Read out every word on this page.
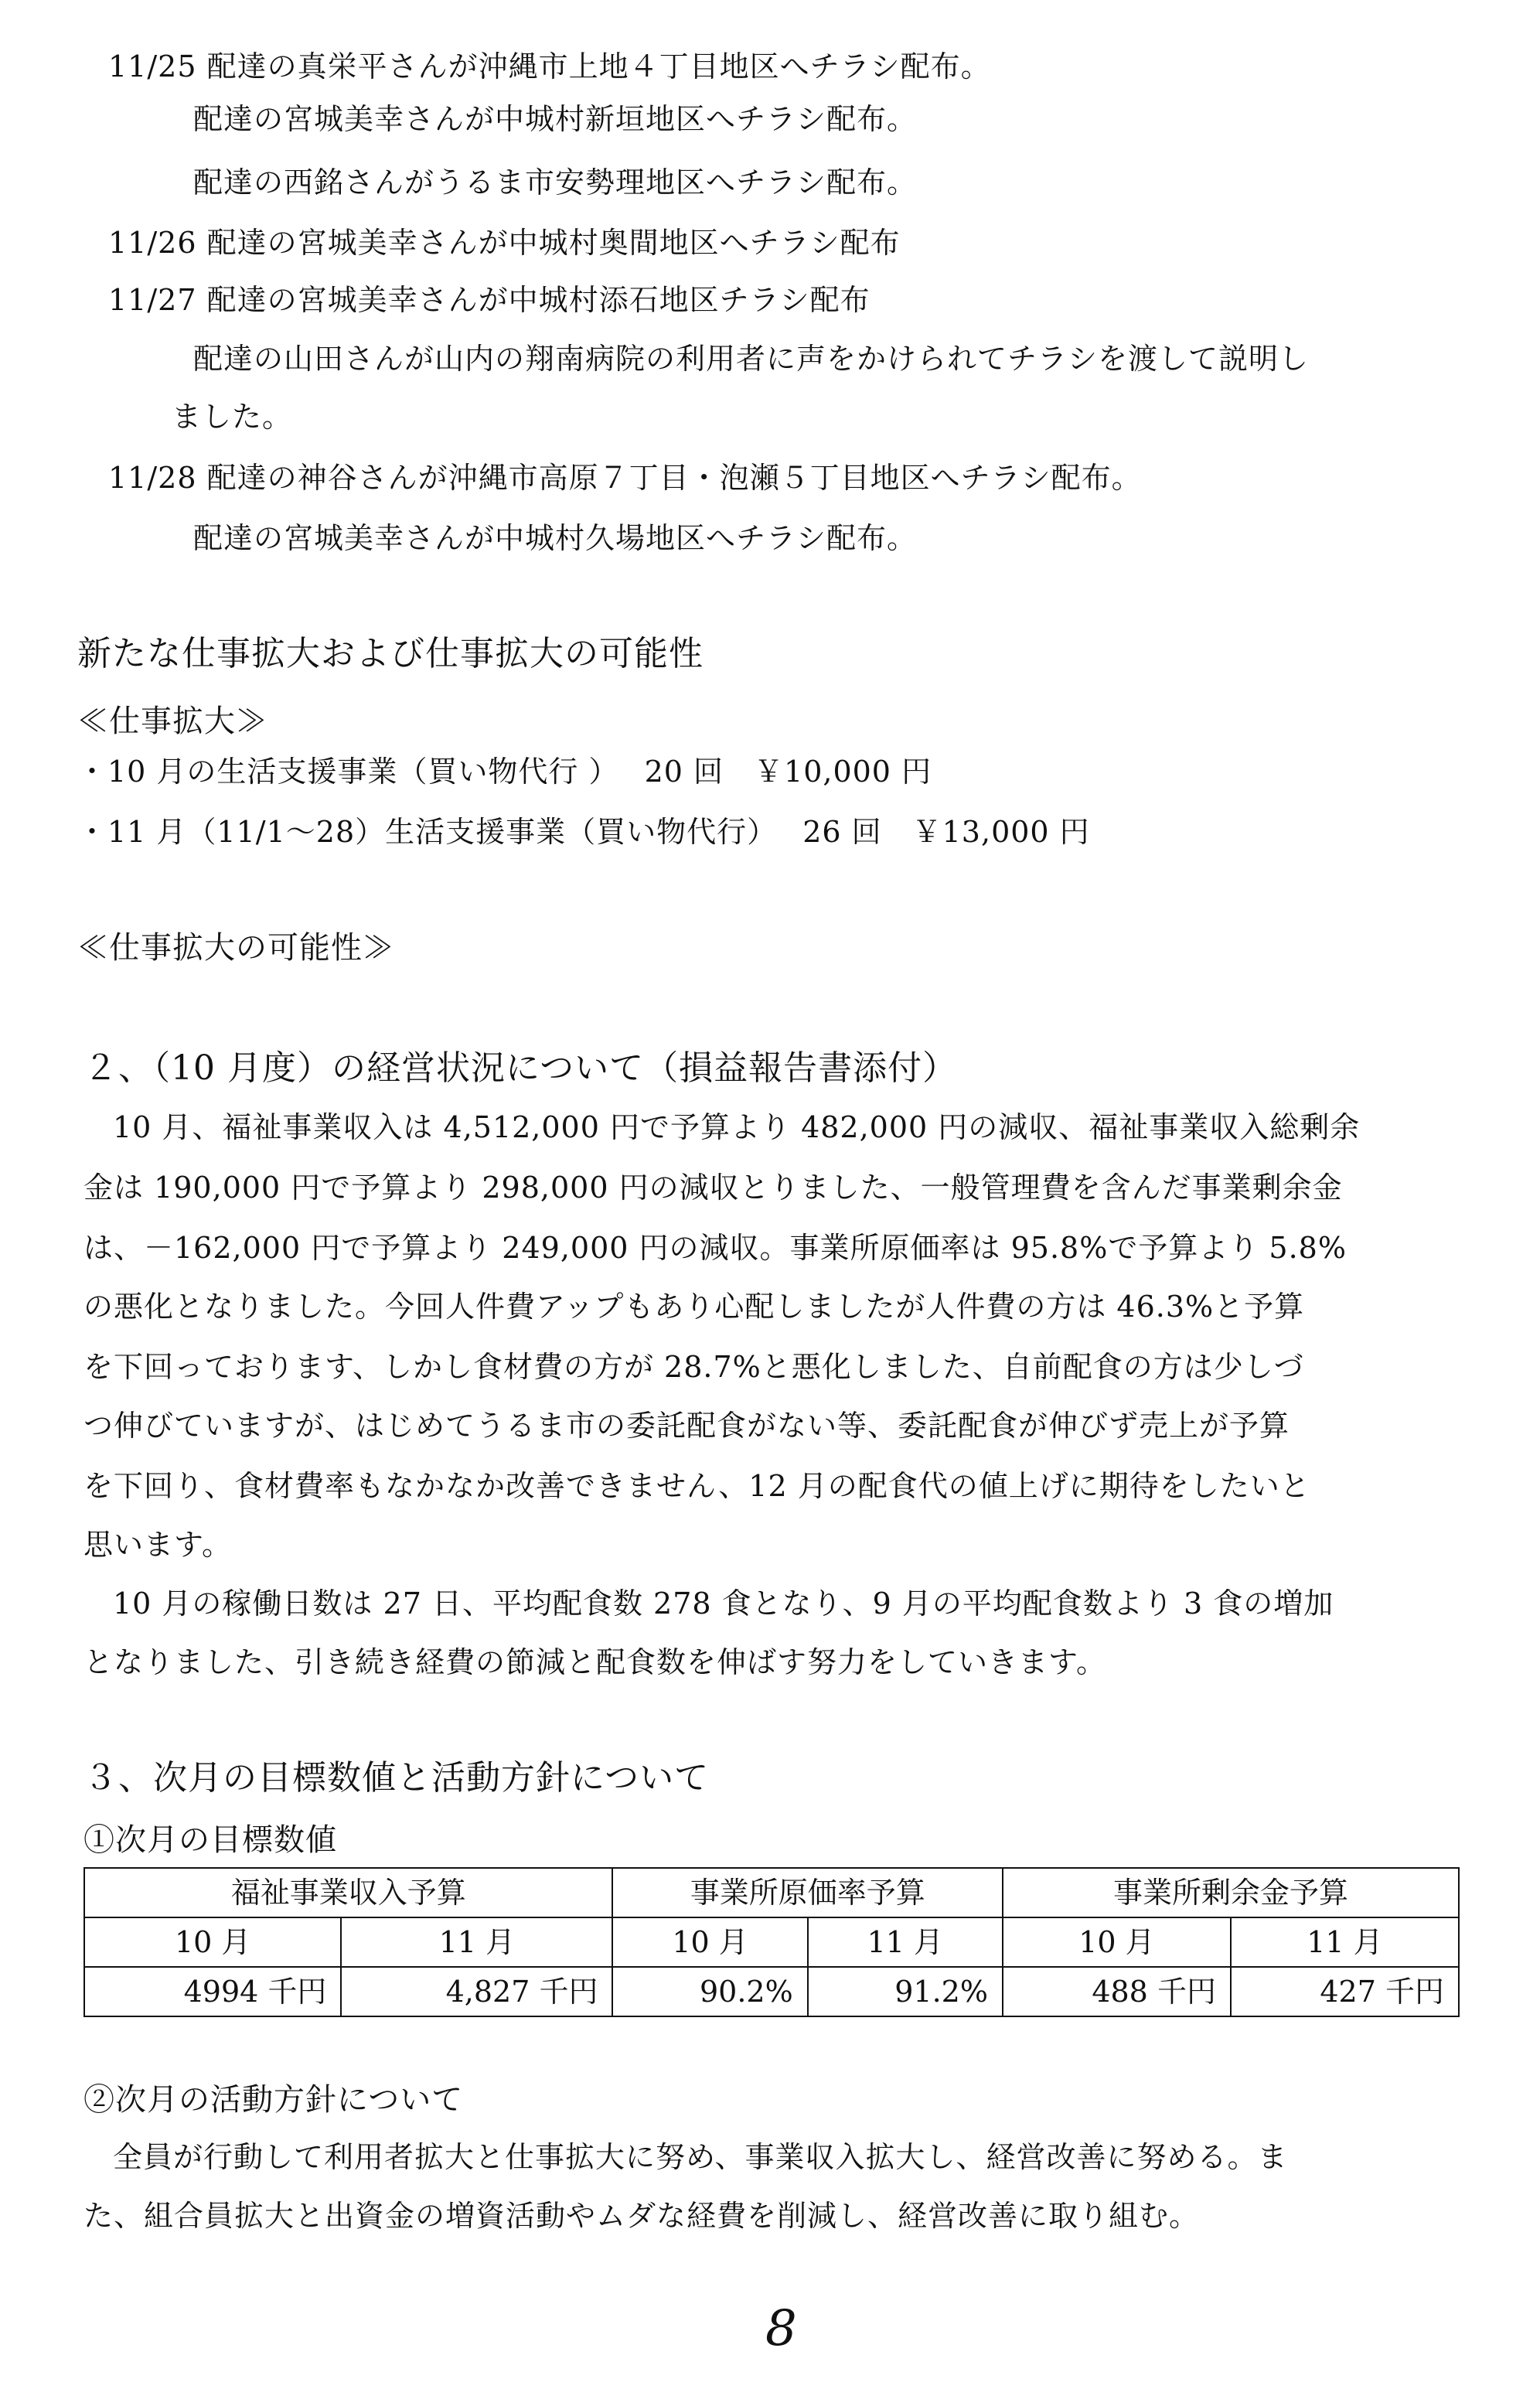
11/25 配達の真栄平さんが沖縄市上地４丁目地区へチラシ配布。
配達の宮城美幸さんが中城村新垣地区へチラシ配布。
配達の西銘さんがうるま市安勢理地区へチラシ配布。
11/26 配達の宮城美幸さんが中城村奥間地区へチラシ配布
11/27 配達の宮城美幸さんが中城村添石地区チラシ配布
配達の山田さんが山内の翔南病院の利用者に声をかけられてチラシを渡して説明し
ました。
11/28 配達の神谷さんが沖縄市高原７丁目・泡瀬５丁目地区へチラシ配布。
配達の宮城美幸さんが中城村久場地区へチラシ配布。
新たな仕事拡大および仕事拡大の可能性
≪仕事拡大≫
・10 月の生活支援事業（買い物代行 ）　 20 回　￥10,000 円
・11 月（11/1～28）生活支援事業（買い物代行）　 26 回　￥13,000 円
≪仕事拡大の可能性≫
２、（10 月度）の経営状況について（損益報告書添付）
10 月、福祉事業収入は 4,512,000 円で予算より 482,000 円の減収、福祉事業収入総剰余
金は 190,000 円で予算より 298,000 円の減収とりました、一般管理費を含んだ事業剰余金
は、－162,000 円で予算より 249,000 円の減収。事業所原価率は 95.8%で予算より 5.8%
の悪化となりました。今回人件費アップもあり心配しましたが人件費の方は 46.3%と予算
を下回っております、しかし食材費の方が 28.7%と悪化しました、自前配食の方は少しづ
つ伸びていますが、はじめてうるま市の委託配食がない等、委託配食が伸びず売上が予算
を下回り、食材費率もなかなか改善できません、12 月の配食代の値上げに期待をしたいと
思います。
10 月の稼働日数は 27 日、平均配食数 278 食となり、9 月の平均配食数より 3 食の増加
となりました、引き続き経費の節減と配食数を伸ばす努力をしていきます。
３、次月の目標数値と活動方針について
①次月の目標数値
福祉事業収入予算		事業所原価率予算		事業所剰余金予算	
10 月	11 月	10 月	11 月	10 月	11 月
4994 千円	4,827 千円	90.2%	91.2%	488 千円	427 千円
②次月の活動方針について
全員が行動して利用者拡大と仕事拡大に努め、事業収入拡大し、経営改善に努める。ま
た、組合員拡大と出資金の増資活動やムダな経費を削減し、経営改善に取り組む。
8
